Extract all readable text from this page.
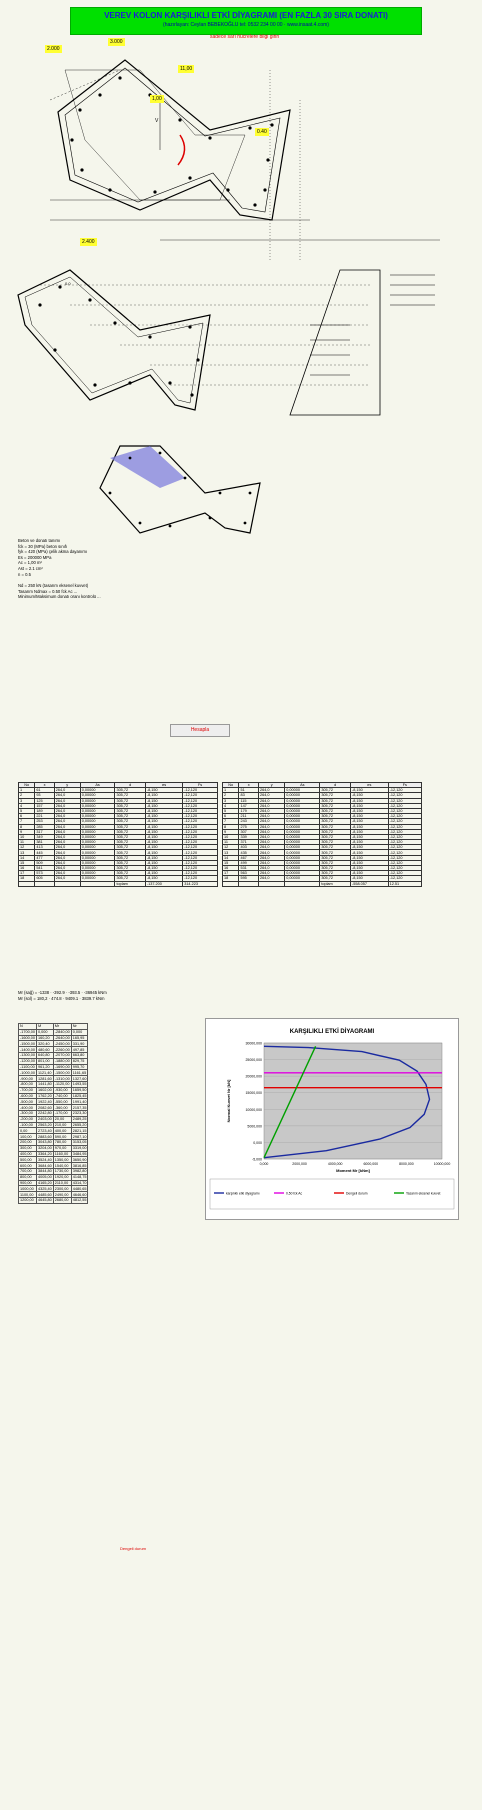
VEREV KOLON KARŞILIKLI ETKİ DİYAGRAMI (EN FAZLA 30 SIRA DONATI)
(hazırlayan: Ceylan BEBEKOĞLU tel: 0532 234 00 00 · www.insaat.4.com)
sadece sarı hücrelere bilgi girin
V
0,0
2.000
3.000
11,00
1,00
2.400
0.40
Beton ve donatı tanımı
fck = 30 (MPa) beton sınıfı
fyk = 420 (MPa) çelik akma dayanımı
Es = 200000 MPa
Ac = 1,00 m²
Ast = 2.1 cm²
n = 0.5
Nd = 250 kN (tasarım eksenel kuvvet)
Tasarım Ndmax = 0.50 fck Ac ...
Minimum/Maksimum donatı oranı kontrolü ...
Hesapla
No	x	y	As	d	σs	Fs
1	61	264,0	0,00000	305,72	-8,150	-12,120
2	93	264,0	0,00000	305,72	-8,150	-12,120
3	125	264,0	0,00000	305,72	-8,150	-12,120
4	157	264,0	0,00000	305,72	-8,150	-12,120
5	189	264,0	0,00000	305,72	-8,150	-12,120
6	221	264,0	0,00000	305,72	-8,150	-12,120
7	253	264,0	0,00000	305,72	-8,150	-12,120
8	285	264,0	0,00000	305,72	-8,150	-12,120
9	317	264,0	0,00000	305,72	-8,150	-12,120
10	349	264,0	0,00000	305,72	-8,150	-12,120
11	381	264,0	0,00000	305,72	-8,150	-12,120
12	413	264,0	0,00000	305,72	-8,150	-12,120
13	445	264,0	0,00000	305,72	-8,150	-12,120
14	477	264,0	0,00000	305,72	-8,150	-12,120
15	509	264,0	0,00000	305,72	-8,150	-12,120
16	541	264,0	0,00000	305,72	-8,150	-12,120
17	573	264,0	0,00000	305,72	-8,150	-12,120
18	605	264,0	0,00000	305,72	-8,150	-12,120
				toplam	-137.200	314.223
No	x	y	As	d	σs	Fs
1	51	264,0	0,00000	305,72	-8,150	-12,120
2	83	264,0	0,00000	305,72	-8,150	-12,120
3	115	264,0	0,00000	305,72	-8,150	-12,120
4	147	264,0	0,00000	305,72	-8,150	-12,120
5	179	264,0	0,00000	305,72	-8,150	-12,120
6	211	264,0	0,00000	305,72	-8,150	-12,120
7	243	264,0	0,00000	305,72	-8,150	-12,120
8	275	264,0	0,00000	305,72	-8,150	-12,120
9	307	264,0	0,00000	305,72	-8,150	-12,120
10	339	264,0	0,00000	305,72	-8,150	-12,120
11	371	264,0	0,00000	305,72	-8,150	-12,120
12	403	264,0	0,00000	305,72	-8,150	-12,120
13	435	264,0	0,00000	305,72	-8,150	-12,120
14	467	264,0	0,00000	305,72	-8,150	-12,120
15	499	264,0	0,00000	305,72	-8,150	-12,120
16	531	264,0	0,00000	305,72	-8,150	-12,120
17	563	264,0	0,00000	305,72	-8,150	-12,120
18	595	264,0	0,00000	305,72	-8,150	-12,120
				toplam	-558.057	12.51
Mr (sağ) = -1338 · -392.9 · -393.5 · -36945 kNm
Mr (sol) = 180,2 · 474.8 · 9409.1 · 3839.7 kNm
N	M	Mr	Nr
-1700,00	0,000	-2840,00	0,000
-1600,00	160,20	-2640,00	165,95
-1500,00	320,40	-2450,00	331,90
-1400,00	480,60	-2260,00	497,85
-1300,00	640,80	-2070,00	663,80
-1200,00	801,00	-1880,00	829,75
-1100,00	961,20	-1690,00	995,70
-1000,00	1121,40	-1500,00	1161,65
-900,00	1281,60	-1310,00	1327,60
-800,00	1441,80	-1120,00	1493,55
-700,00	1602,00	-930,00	1659,50
-600,00	1762,20	-740,00	1825,45
-500,00	1922,40	-550,00	1991,40
-400,00	2082,60	-360,00	2157,35
-300,00	2242,80	-170,00	2323,30
-200,00	2403,00	20,00	2489,25
-100,00	2563,20	210,00	2655,20
0,00	2723,40	400,00	2821,15
100,00	2883,60	590,00	2987,10
200,00	3043,80	780,00	3153,05
300,00	3204,00	970,00	3319,00
400,00	3364,20	1160,00	3484,95
500,00	3524,40	1350,00	3650,90
600,00	3684,60	1540,00	3816,85
700,00	3844,80	1730,00	3982,80
800,00	4005,00	1920,00	4148,75
900,00	4165,20	2110,00	4314,70
1000,00	4325,40	2300,00	4480,65
1100,00	4485,60	2490,00	4646,60
1200,00	4645,80	2680,00	4812,55
Dengeli durum
KARŞILIKLI ETKİ DİYAGRAMI
-5,000
0,000
5000,000
10000,000
15000,000
20000,000
25000,000
30000,000
0,000	2000,000	4000,000	6000,000	8000,000	10000,000
Moment Mr [kNm]
Normal Kuvvet Nr [kN]
karşılıklı etki diyagramı	0,50 fck Ac	Dengeli durum	Tasarım eksenel kuvvet
